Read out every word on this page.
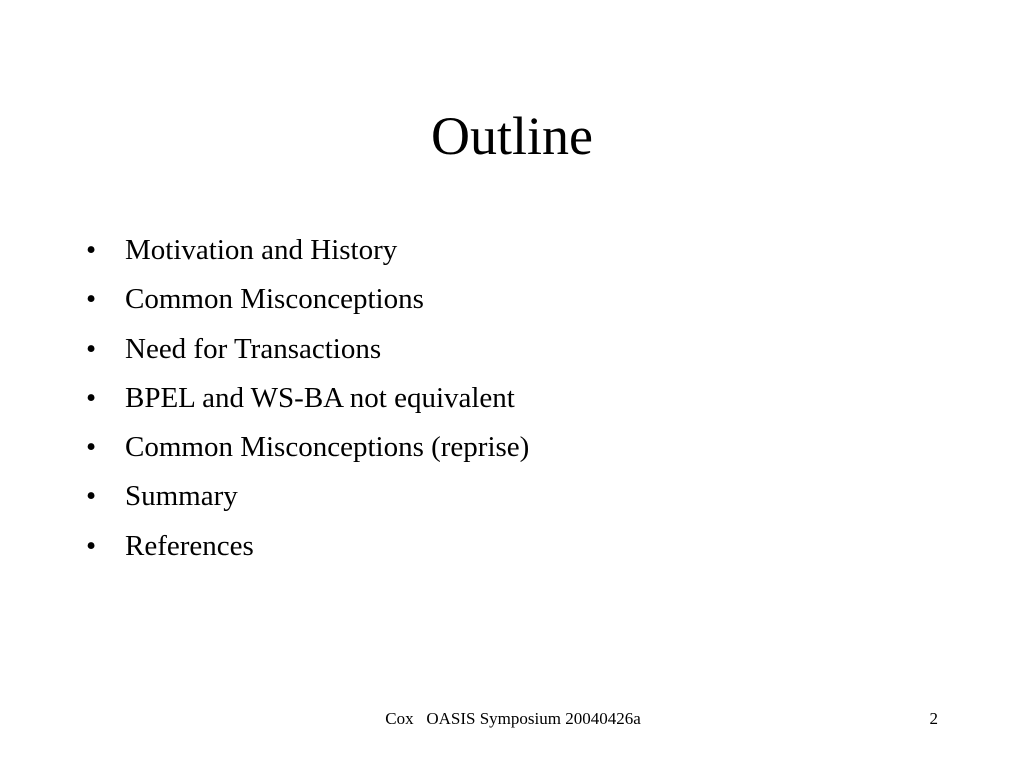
Outline
• Motivation and History
• Common Misconceptions
• Need for Transactions
• BPEL and WS-BA not equivalent
• Common Misconceptions (reprise)
• Summary
• References
Cox   OASIS Symposium 20040426a	2
